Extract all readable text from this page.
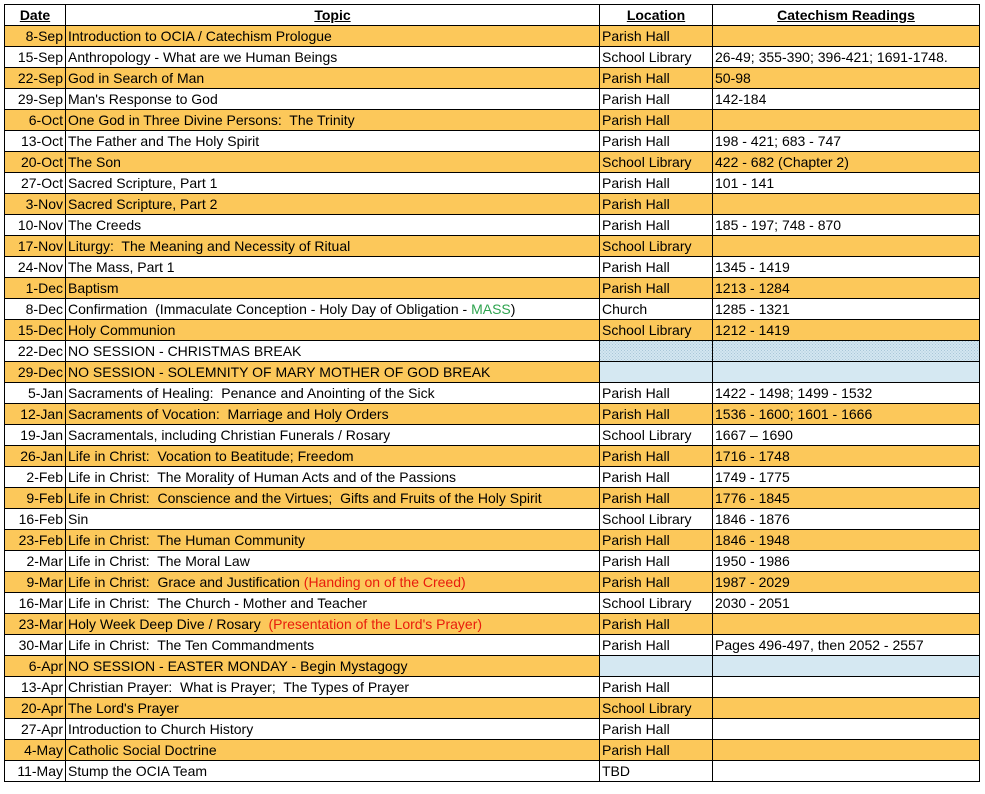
Date	Topic	Location	Catechism Readings
8-Sep	Introduction to OCIA / Catechism Prologue	Parish Hall	
15-Sep	Anthropology - What are we Human Beings	School Library	26-49; 355-390; 396-421; 1691-1748.
22-Sep	God in Search of Man	Parish Hall	50-98
29-Sep	Man's Response to God	Parish Hall	142-184
6-Oct	One God in Three Divine Persons:  The Trinity	Parish Hall	
13-Oct	The Father and The Holy Spirit	Parish Hall	198 - 421; 683 - 747
20-Oct	The Son	School Library	422 - 682 (Chapter 2)
27-Oct	Sacred Scripture, Part 1	Parish Hall	101 - 141
3-Nov	Sacred Scripture, Part 2	Parish Hall	
10-Nov	The Creeds	Parish Hall	185 - 197; 748 - 870
17-Nov	Liturgy:  The Meaning and Necessity of Ritual	School Library	
24-Nov	The Mass, Part 1	Parish Hall	1345 - 1419
1-Dec	Baptism	Parish Hall	1213 - 1284
8-Dec	Confirmation  (Immaculate Conception - Holy Day of Obligation - MASS)	Church	1285 - 1321
15-Dec	Holy Communion	School Library	1212 - 1419
22-Dec	NO SESSION - CHRISTMAS BREAK		
29-Dec	NO SESSION - SOLEMNITY OF MARY MOTHER OF GOD BREAK		
5-Jan	Sacraments of Healing:  Penance and Anointing of the Sick	Parish Hall	1422 - 1498; 1499 - 1532
12-Jan	Sacraments of Vocation:  Marriage and Holy Orders	Parish Hall	1536 - 1600; 1601 - 1666
19-Jan	Sacramentals, including Christian Funerals / Rosary	School Library	1667 – 1690
26-Jan	Life in Christ:  Vocation to Beatitude; Freedom	Parish Hall	1716 - 1748
2-Feb	Life in Christ:  The Morality of Human Acts and of the Passions	Parish Hall	1749 - 1775
9-Feb	Life in Christ:  Conscience and the Virtues;  Gifts and Fruits of the Holy Spirit	Parish Hall	1776 - 1845
16-Feb	Sin	School Library	1846 - 1876
23-Feb	Life in Christ:  The Human Community	Parish Hall	1846 - 1948
2-Mar	Life in Christ:  The Moral Law	Parish Hall	1950 - 1986
9-Mar	Life in Christ:  Grace and Justification (Handing on of the Creed)	Parish Hall	1987 - 2029
16-Mar	Life in Christ:  The Church - Mother and Teacher	School Library	2030 - 2051
23-Mar	Holy Week Deep Dive / Rosary  (Presentation of the Lord's Prayer)	Parish Hall	
30-Mar	Life in Christ:  The Ten Commandments	Parish Hall	Pages 496-497, then 2052 - 2557
6-Apr	NO SESSION - EASTER MONDAY - Begin Mystagogy		
13-Apr	Christian Prayer:  What is Prayer;  The Types of Prayer	Parish Hall	
20-Apr	The Lord's Prayer	School Library	
27-Apr	Introduction to Church History	Parish Hall	
4-May	Catholic Social Doctrine	Parish Hall	
11-May	Stump the OCIA Team	TBD	
